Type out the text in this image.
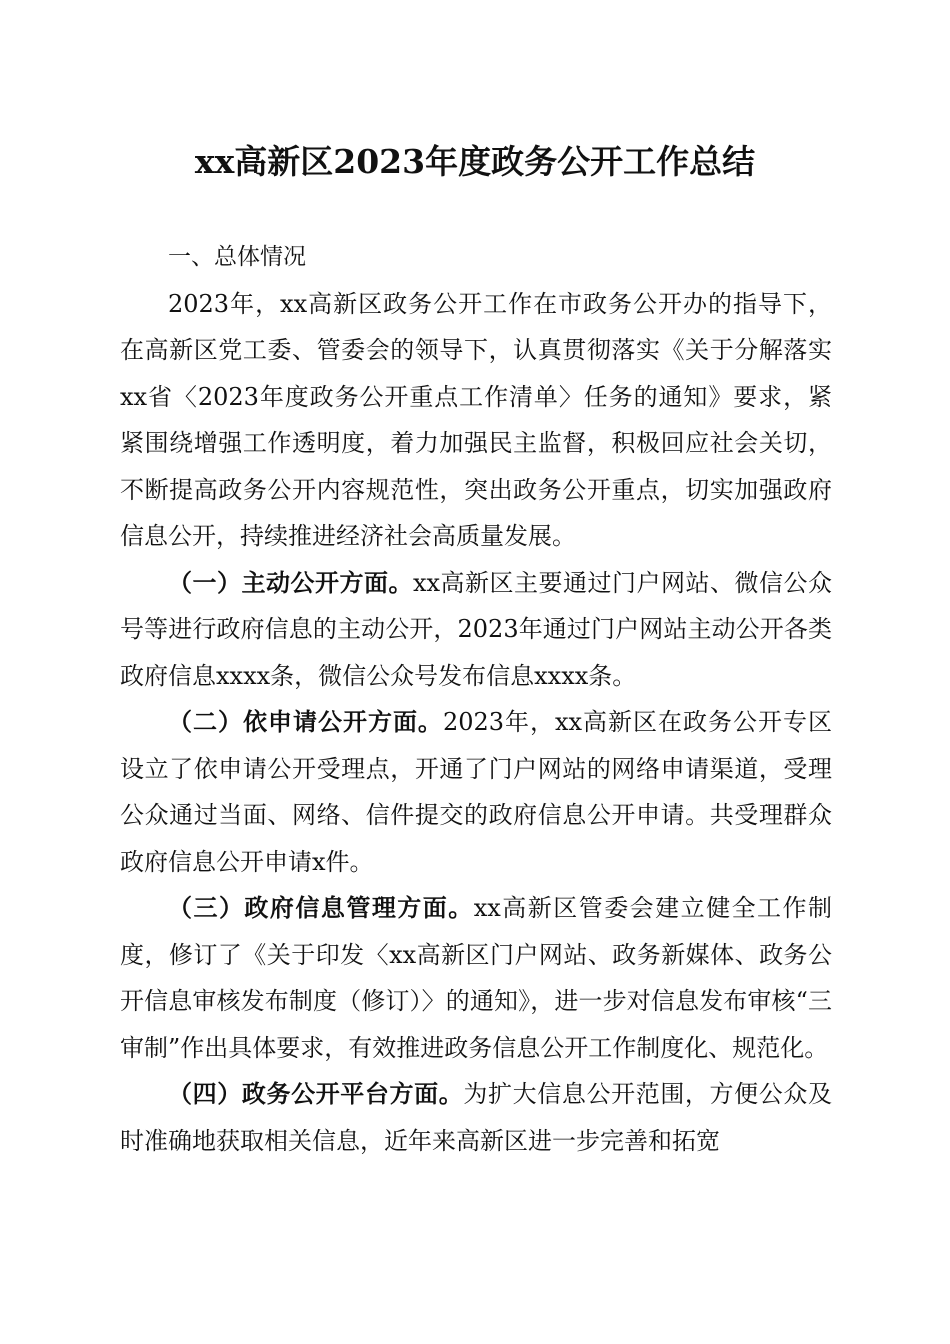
xx高新区2023年度政务公开工作总结

一、总体情况

2023年，xx高新区政务公开工作在市政务公开办的指导下，在高新区党工委、管委会的领导下，认真贯彻落实《关于分解落实xx省〈2023年度政务公开重点工作清单〉任务的通知》要求，紧紧围绕增强工作透明度，着力加强民主监督，积极回应社会关切，不断提高政务公开内容规范性，突出政务公开重点，切实加强政府信息公开，持续推进经济社会高质量发展。

（一）主动公开方面。xx高新区主要通过门户网站、微信公众号等进行政府信息的主动公开，2023年通过门户网站主动公开各类政府信息xxxx条，微信公众号发布信息xxxx条。

（二）依申请公开方面。2023年，xx高新区在政务公开专区设立了依申请公开受理点，开通了门户网站的网络申请渠道，受理公众通过当面、网络、信件提交的政府信息公开申请。共受理群众政府信息公开申请x件。

（三）政府信息管理方面。xx高新区管委会建立健全工作制度，修订了《关于印发〈xx高新区门户网站、政务新媒体、政务公开信息审核发布制度（修订）〉的通知》，进一步对信息发布审核“三审制”作出具体要求，有效推进政务信息公开工作制度化、规范化。

（四）政务公开平台方面。为扩大信息公开范围，方便公众及时准确地获取相关信息，近年来高新区进一步完善和拓宽
